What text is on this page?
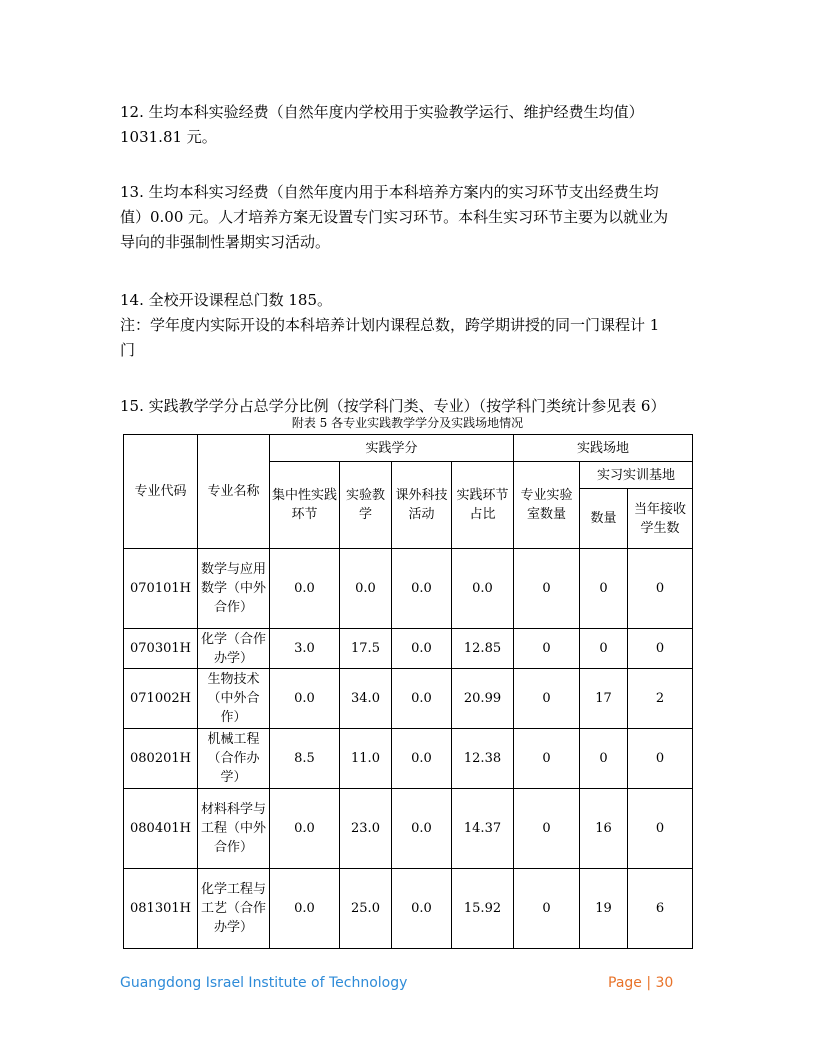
12. 生均本科实验经费（自然年度内学校用于实验教学运行、维护经费生均值）
1031.81 元。
13. 生均本科实习经费（自然年度内用于本科培养方案内的实习环节支出经费生均
值）0.00 元。人才培养方案无设置专门实习环节。本科生实习环节主要为以就业为
导向的非强制性暑期实习活动。
14. 全校开设课程总门数 185。
注：学年度内实际开设的本科培养计划内课程总数，跨学期讲授的同一门课程计 1
门
15. 实践教学学分占总学分比例（按学科门类、专业）（按学科门类统计参见表 6）
附表 5 各专业实践教学学分及实践场地情况
专业代码	专业名称	实践学分				实践场地		
		集中性实践环节	实验教学	课外科技活动	实践环节占比	专业实验室数量	实习实训基地	
							数量	当年接收学生数
070101H	数学与应用数学（中外合作）	0.0	0.0	0.0	0.0	0	0	0
070301H	化学（合作办学）	3.0	17.5	0.0	12.85	0	0	0
071002H	生物技术（中外合作）	0.0	34.0	0.0	20.99	0	17	2
080201H	机械工程（合作办学）	8.5	11.0	0.0	12.38	0	0	0
080401H	材料科学与工程（中外合作）	0.0	23.0	0.0	14.37	0	16	0
081301H	化学工程与工艺（合作办学）	0.0	25.0	0.0	15.92	0	19	6
Guangdong Israel Institute of Technology	Page | 30
